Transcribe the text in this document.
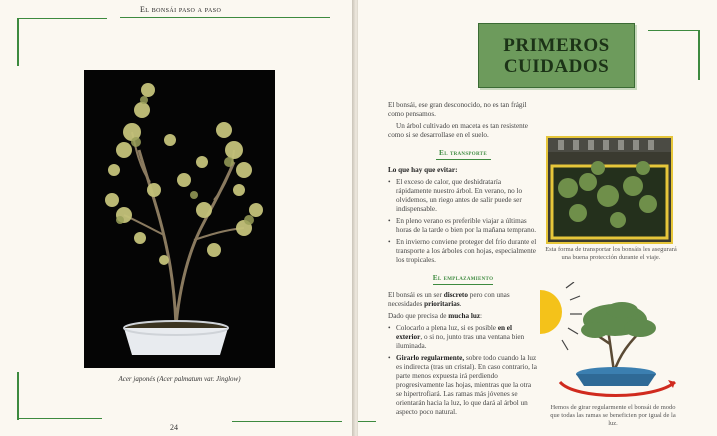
El bonsái paso a paso
Acer japonés (Acer palmatum var. Jinglow)
24
PRIMEROS
CUIDADOS

El bonsái, ese gran desconocido, no es tan frágil como pensamos.

Un árbol cultivado en maceta es tan resistente como si se desarrollase en el suelo.

El transporte

Lo que hay que evitar:

• El exceso de calor, que deshidrataría rápidamente nuestro árbol. En verano, no lo olvidemos, un riego antes de salir puede ser indispensable.

• En pleno verano es preferible viajar a últimas horas de la tarde o bien por la mañana temprano.

• En invierno conviene proteger del frío durante el transporte a los árboles con hojas, especialmente los tropicales.

El emplazamiento

El bonsái es un ser discreto pero con unas necesidades prioritarias.

Dado que precisa de mucha luz:

• Colocarlo a plena luz, si es posible en el exterior, o si no, junto tras una ventana bien iluminada.

• Girarlo regularmente, sobre todo cuando la luz es indirecta (tras un cristal). En caso contrario, la parte menos expuesta irá perdiendo progresivamente las hojas, mientras que la otra se hipertrofiará. Las ramas más jóvenes se orientarán hacia la luz, lo que dará al árbol un aspecto poco natural.

Esta forma de transportar los bonsáis les asegurará una buena protección durante el viaje.
Hemos de girar regularmente el bonsái de modo que todas las ramas se beneficien por igual de la luz.
